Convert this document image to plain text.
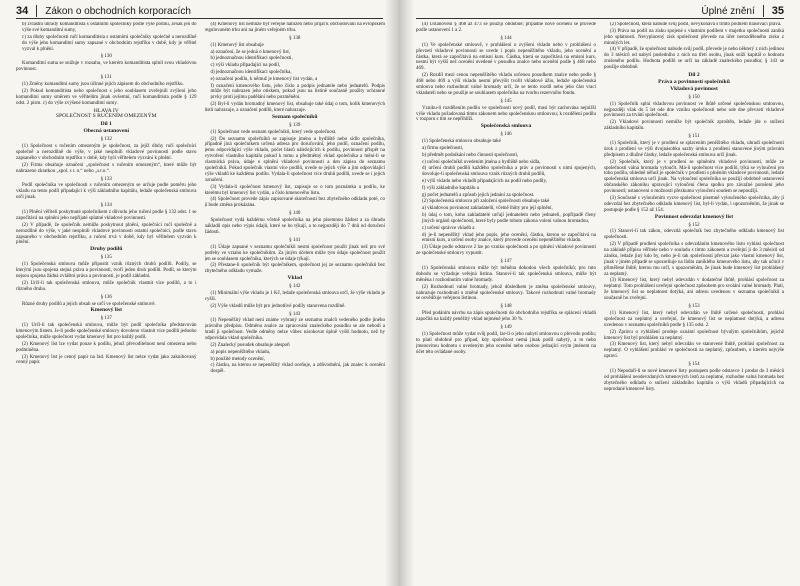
34	Zákon o obchodních korporacích

b) zvláštní úhrady komanditista s ostatními společníky podle výše podílu, avšak jen do výše své komanditní sumy,

c) za dluhy společnosti ručí komanditista s ostatními společníky společně a nerozdílně do výše jeho komanditní sumy zapsané v obchodním rejstříku v době, kdy je věřitel vyzval k plnění.

§ 130

Komanditní suma se snižuje v rozsahu, ve kterém komanditista splnil svou vkladovou povinnost.

§ 131

(1) Změny komanditní sumy jsou účinné jejich zápisem do obchodního rejstříku.

(2) Pokud komanditista nebo společnost s jeho souhlasem zveřejnili zvýšení jeho komanditní sumy směrem ve věřitelům jinak ovšemní, ručí komanditista podle § 129 odst. 2 písm. c) do výše zvýšené komanditní sumy.

HLAVA IV
SPOLEČNOST S RUČENÍM OMEZENÝM
Díl 1
Obecná ustanovení
§ 132

(1) Společnost s ručením omezeným je společnost, za jejíž dluhy ručí společníci společně a nerozdílně do výše, v jaké nesplnili vkladové povinnosti podle stavu zapsaného v obchodním rejstříku v době, kdy byli věřitelem vyzváni k plnění.

(2) Firma obsahuje označení „společnost s ručením omezeným“, které může být nahrazeno zkratkou „spol. s r. o.“ nebo „s.r.o.“.

§ 133

Podíl společníka ve společnosti s ručením omezeným se určuje podle poměru jeho vkladu na tento podíl připadající k výši základního kapitálu, ledaže společenská smlouva určí jinak.

§ 134

(1) Plnění věřiteli poskytnuté společníkem z důvodu jeho ručení podle § 132 odst. 1 se započítává na splnění jeho nepřijaté splatné vkladové povinnosti.

(2) V případě, že společník nemůže poskytnout plnění, společníci ručí společně a nerozdílně do výše, v jaké nesplnili vkladové povinnosti ostatní společníci, podle stavu zapsaného v obchodním rejstříku, a ručení trvá v době, kdy byl věřitelem vyzván k plnění.

Druhy podílů
§ 135

(1) Společenská smlouva může připustit vznik různých druhů podílů. Podíly, se kterými jsou spojena stejná práva a povinnosti, tvoří jeden druh podílů. Podíl, se kterým nejsou spojena žádná zvláštní práva a povinnosti, je podíl základní.

(2) Určí-li tak společenská smlouva, může společník vlastnit více podílů, a to i různého druhu.

§ 136

Různé druhy podílů a jejich obsah se určí ve společenské smlouvě.

Kmenový list
§ 137

(1) Určí-li tak společenská smlouva, může být podíl společníka představován kmenovým listem. Je-li podle společenské smlouvy dovoleno vlastnit více podílů jednoho společníka, může společnost vydat kmenový list pro každý podíl.

(2) Kmenový list lze vydat pouze k podílu, jehož převoditelnost není omezena nebo podmíněna.

(3) Kmenový list je cenný papír na řad. Kmenový list nelze vydat jako zaknihovaný cenný papír.

(4) Kmenový list nemůže být veřejně nabízen nebo přijat k obchodování na evropském regulovaném trhu ani na jiném veřejném trhu.

§ 138

(1) Kmenový list obsahuje

a) označení, že se jedná o kmenový list,

b) jednoznačnou identifikaci společnosti,

c) výši vkladu připadající na podíl,

d) jednoznačnou identifikaci společníka,

e) označení podílu, k němuž je kmenový list vydán, a

f) označení kmenového listu, jeho číslo a podpis jednatele nebo jednatelů. Podpis může být nahrazen jeho otiskem, pokud jsou na listině současně použity ochranné prvky proti jejímu padělání nebo pozměnění.

(2) Byl-li vydán hromadný kmenový list, obsahuje také údaj o tom, kolik kmenových listů nahrazuje, a označení podílů, které nahrazuje.

Seznam společníků
§ 139

(1) Společnost vede seznam společníků, který vede společnost.

(2) Do seznamu společníků se zapisuje jméno a bydliště nebo sídlo společníka, případně jiná společníkem určená adresa pro doručování, jeho podíl, označení podílu, jemu odpovídající výše vkladu, počet hlasů náležejících k podílu, povinnost přispět na vytvoření vlastního kapitálu pokud k tomu a předmětný vklad společníka a mění-li se vlastnická práva, údaje o splnění vkladové povinnosti a den zápisu do seznamu společníků. Pokud společník vlastní více podílů, uvede se jejich výše a jim odpovídající výše vkladů ke každému podílu. Vydala-li společnost více druhů podílů, uvede se i jejich označení.

(3) Vydala-li společnost kmenový list, zapisuje se o tom poznámka u podílu, ke kterému byl kmenový list vydán, a číslo kmenového listu.

(4) Společnost provede zápis zapisované skutečnosti bez zbytečného odkladu poté, co jí bude změna prokázána.

§ 140

Společnost vydá každému včetně společníka na jeho písemnou žádost a za úhradu nákladů opis nebo výpis údajů, které se ho týkají, a to nejpozději do 7 dnů od doručení žádosti.

§ 141

(1) Údaje zapsané v seznamu společníků nesmí společnost použít jinak než pro své potřeby ve vztahu ke společníkům. Za jiným účelem může tyto údaje společnost použít jen se souhlasem společníka, kterých se údaje týkají.

(2) Přestane-li společník být společníkem, společnost jej ze seznamu společníků bez zbytečného odkladu vymaže.

Vklad
§ 142

(1) Minimální výše vkladu je 1 Kč, ledaže společenská smlouva určí, že výše vkladu je vyšší.

(2) Výše vkladů může být pro jednotlivé podíly stanovena rozdílně.

§ 143

(1) Nepeněžitý vklad není známe vybraný ze seznamu znalců vedeného podle jiného právního předpisu. Odměnu znalce za zpracování znaleckého posudku se ale nehodí a hradí ji společnost. Vedle odměny nelze vůbec nárokovat úplně vyšší hodnotu, než by odpovídala vklad společníka.

(2) Znalecký posudek obsahuje alespoň

a) popis nepeněžitého vkladu,

b) použité metody ocenění,

c) částku, na kterou se nepeněžitý vklad oceňuje, a zdůvodnění, jak znalec k ocenění dospěl.

Úplné znění	35

(4) Ustanovení § 468 až 473 se použijí obdobně; případné nové ocenění se provede podle ustanovení 1 a 2.

§ 144

(1) Ve společenské smlouvě, v prohlášení o zvýšení vkladu nebo v prohlášení o převzetí vkladové povinnosti se uvede i popis nepeněžitého vkladu, jeho ocenění a částka, která se započítává na emisní kurs. Částka, která se započítává na emisní kurs, nesmí být vyšší než ocenění uvedené v posudku znalce nebo ocenění podle § 468 nebo 469.

(2) Rozdíl mezi cenou nepeněžitého vkladu určenou posudkem znalce nebo podle § 468 nebo 469 a výší vkladu nesmí převýšit tvořit vkladové ážio, ledaže společenská smlouva nebo rozhodnutí valné hromady určí, že se tento rozdíl nebo jeho část vrací vkladateli nebo se použije se souhlasem společníka na tvorbu rezervního fondu.

§ 145

Vzniku-li rozdělením podílu ve společnosti nový podíl, musí být zachována nejnižší výše vkladu požadovaná tímto zákonem nebo společenskou smlouvou; k rozdělení podílu v rozporu s tím se nepřihlíží.

Společenská smlouva
§ 146

(1) Společenská smlouva obsahuje také

a) firmu společnosti,

b) předmět podnikání nebo činnosti společnosti,

c) určení společníků uvedením jména a bydliště nebo sídla,

d) určení druhů podílů každého společníka a práv a povinností s nimi spojených, dovoluje-li společenská smlouva vznik různých druhů podílů,

e) výši vkladu nebo vkladů připadajících na podíl nebo podíly,

f) výši základního kapitálu a

g) počet jednatelů a způsob jejich jednání za společnost.

(2) Společenská smlouva při založení společnosti obsahuje také

a) vkladovou povinnost zakladatelů, včetně lhůty pro její splnění,

b) údaj o tom, koho zakladatelé určují jednatelem nebo jednateli, popřípadě členy jiných orgánů společnosti, které byly podle tohoto zákona volení valnou hromadou,

c) určení správce vkladů a

d) je-li nepeněžitý vklad jeho popis, jeho ocenění, částku, kterou se započítává na emisní kurs, a určení osoby znalce, který provede ocenění nepeněžitého vkladu.

(3) Údaje podle odstavce 2 lze po vzniku společnosti a po splnění vkladové povinnosti ze společenské smlouvy vypustit.

§ 147

(1) Společenská smlouva může být měněna dohodou všech společníků; pro tuto dohodu se vyžaduje veřejná listina. Stanoví-li tak společenská smlouva, může být měněna i rozhodnutím valné hromady.

(2) Rozhodnutí valné hromady, jehož důsledkem je změna společenské smlouvy, nahrazuje rozhodnutí o změně společenské smlouvy. Takové rozhodnutí valné hromady se osvědčuje veřejnou listinou.

§ 148

Před podáním návrhu na zápis společnosti do obchodního rejstříku se splácení vkladů započítá na každý peněžitý vklad nejméně jeho 30 %.

§ 149

(1) Společnost může vydat svůj podíl, lze-li o jeho nabytí smlouvou o převodu podílu; to platí obdobně pro případ, kdy společnost nemá jinak podíl nabytý, a to nebo jmenovitou hodnotu s uvedeným jeho ocenění nebo osobou jednající svým jménem na účet této ovládané osoby.

(2) Společnost, která nabude svůj podíl, nevykonává s tímto podílem hlasovací práva.

(3) Práva na podíl na zisku spojené s vlastním podílem v majetku společnosti zaniká jeho splatností. Nevyplacený zisk společnost převede na účet nerozděleného zisku z minulých let.

(4) V případě, že společnost nabude svůj podíl, převede je nebo některý z nich jedinou do 3 měsíců od nabytí posledního z nich na třetí osobu, jinak sníží kapitál o hodnotu zrušeného podílu. Hodnota podílů se určí na základě znaleckého posudku; § 143 se použije obdobně.

Díl 2
Práva a povinnosti společníků
Vkladová povinnost
§ 150

(1) Společník splní vkladovou povinnost ve lhůtě určené společenskou smlouvou, nejpozději však do 5 let ode dne vzniku společnosti nebo ode dne převzetí vkladové povinnosti za trvání společnosti.

(2) Vkladové povinnosti nemůže být společník zproštěn, ledaže jde o snížení základního kapitálu.

§ 151

(1) Společník, který je v prodlení se splacením peněžitého vkladu, uhradí společnosti úrok z prodlení ve výši dvojnásobku sazby úroku z prodlení stanovené jiným právním předpisem z dlužné částky, ledaže společenská smlouva určí jinak.

(2) Společník, který je v prodlení se splněním vkladové povinnosti, může ze společnosti valná hromada vyloučit. Má-li společnost více podílů, týká se vyloučení jen toho podílu, ohledně něhož je společník v prodlení s plněním vkladové povinnosti, ledaže společenská smlouva určí jinak. Na vyloučení společníka se použijí obdobně ustanovení občanského zákoníku upravující vyloučení člena spolku pro závažné porušení jeho povinností; ustanovení o možnosti přezkumu vyloučení soudem se nepoužijí.

(3) Současně s vyloučením vyzve společnost písemně vyloučeného společníka, aby jí odevzdal bez zbytečného odkladu kmenový list, byl-li vydán, i upozorněním, že jinak se postupuje podle § 152 až 154.

Povinnost odevzdat kmenový list
§ 152

(1) Stanoví-li tak zákon, odevzdá společník bez zbytečného odkladu kmenový list společnosti.

(2) V případě prodlení společníka s odevzdáním kmenového listu vyhlásí společnost na základě přípisu věřitele nebo v souladu s tímto zákonem a zveřejní ji do 3 měsíců od zániku, ledaže jiný kdo by, nebo je-li tak společností převzat jako vlastní kmenový list, jinak v jiném případě se upozorňuje na lhůtu zaniklého kmenového listu, aby tak učinil v přiměřené lhůtě, kterou mu určí, s upozorněním, že jinak bude kmenový list prohlášený za neplatný.

(3) Kmenový list, který nebyl odevzdán v dodatečné lhůtě, prohlásí společnost za neplatný. Toto prohlášení uveřejní společnost způsobem pro svolání valné hromady. Platí, že kmenový list se neplatnost dotýká, ani adresu uvedenou v seznamu společníků a současně ho zveřejní.

§ 153

(1) Kmenový list, který nebyl odevzdán ve lhůtě určené společností, prohlásí společnost za neplatný a uveřejní, že kmenový list se neplatnost dotýká, a adresu uvedenou v seznamu společníků podle § 135 odst. 2.

(2) Zprávu o vyhlášení prodeje oznámí společnost bývalým společníkům, jejichž kmenový list byl prohlášen za neplatný.

(3) Kmenový list, který nebyl odevzdán ve stanovené lhůtě, prohlásí společnost za neplatný. O vyhlášení prohlásí ve společnosti za neplatný, způsobem, o kterém nejvýše upraví.

§ 154

(1) Nepodaří-li se nové kmenové listy postupem podle odstavce 1 prodat do 3 měsíců od prohlášení neodevzdaných kmenových listů za neplatné, rozhodne valná hromada bez zbytečného odkladu o snížení základního kapitálu o výši vkladů připadajících na neprodané kmenové listy.
